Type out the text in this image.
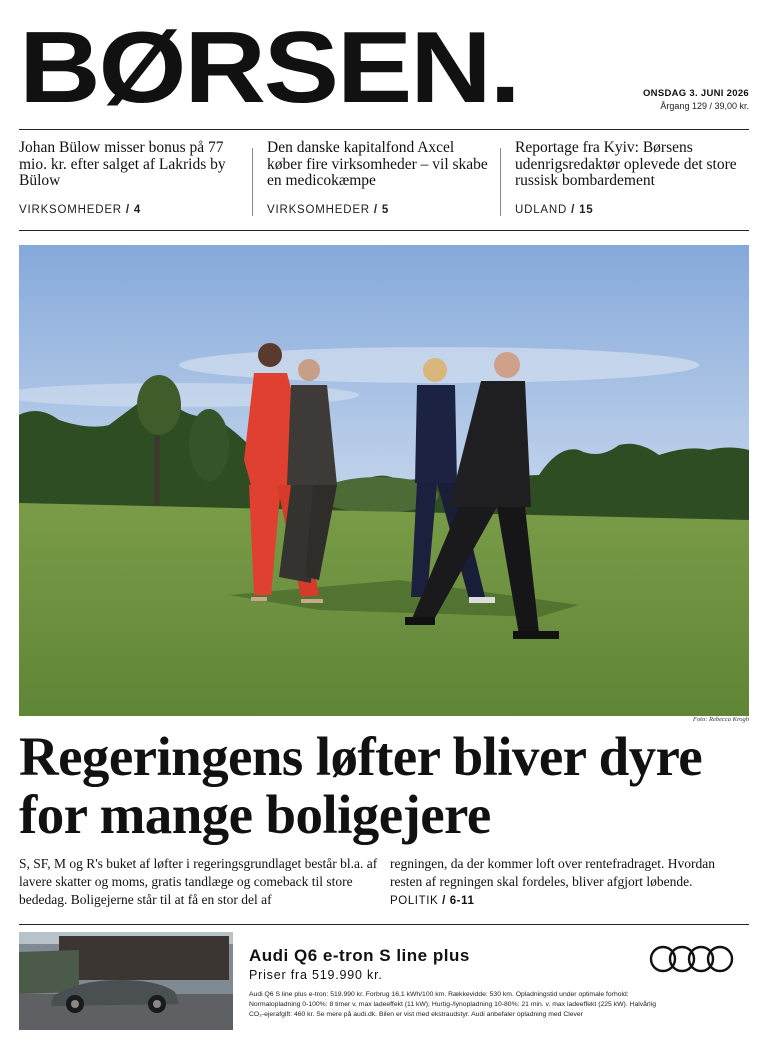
BØRSEN.	ONSDAG 3. JUNI 2026
Årgang 129 / 39,00 kr.
Johan Bülow misser bonus på 77 mio. kr. efter salget af Lakrids by Bülow
VIRKSOMHEDER / 4
Den danske kapitalfond Axcel køber fire virksomheder – vil skabe en medicokæmpe
VIRKSOMHEDER / 5
Reportage fra Kyiv: Børsens udenrigsredaktør oplevede det store russisk bombardement
UDLAND / 15
Foto: Rebecca Krogh
Regeringens løfter bliver dyre for mange boligejere
S, SF, M og R's buket af løfter i regeringsgrundlaget består bl.a. af lavere skatter og moms, gratis tandlæge og comeback til store bededag. Boligejerne står til at få en stor del af
regningen, da der kommer loft over rentefradraget. Hvordan resten af regningen skal fordeles, bliver afgjort løbende.
POLITIK / 6-11
Audi Q6 e-tron S line plus
Priser fra 519.990 kr.
Audi Q6 S line plus e-tron: 519.990 kr. Forbrug 16,1 kWh/100 km. Rækkevidde: 530 km. Opladningstid under optimale forhold: Normalopladning 0-100%: 8 timer v. max ladeeffekt (11 kW); Hurtig-/lynopladning 10-80%: 21 min. v. max ladeeffekt (225 kW). Halvårlig CO₂-ejerafgift: 460 kr. Se mere på audi.dk. Bilen er vist med ekstraudstyr. Audi anbefaler opladning med Clever
